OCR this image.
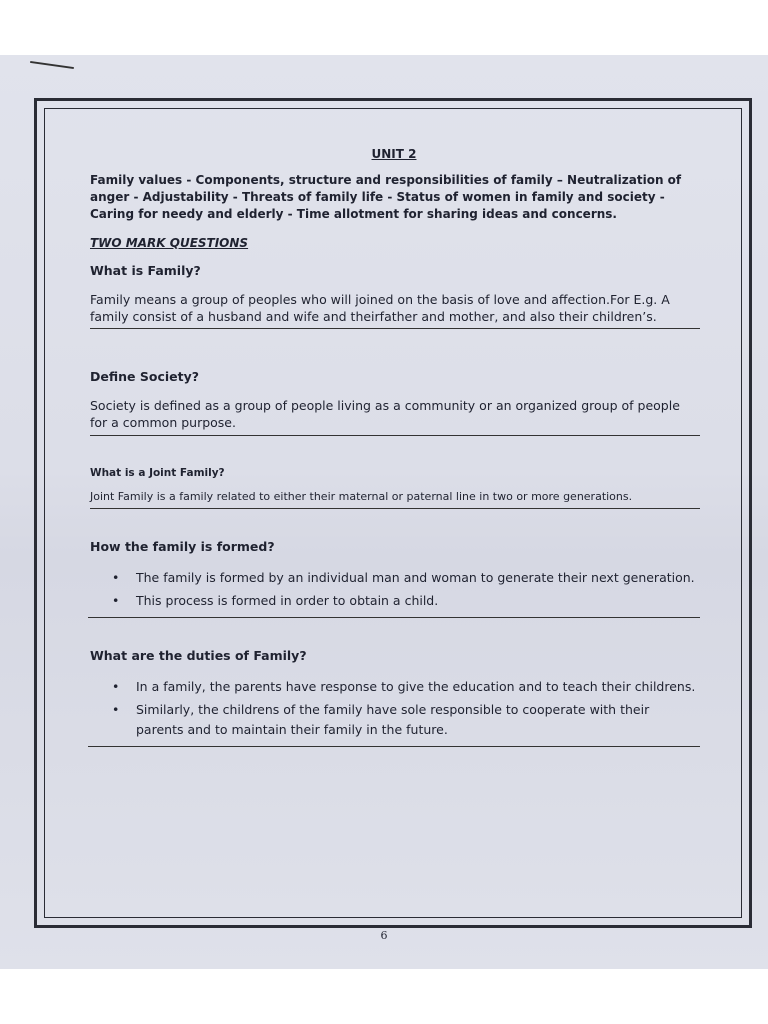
UNIT 2
Family values - Components, structure and responsibilities of family – Neutralization of anger - Adjustability - Threats of family life - Status of women in family and society - Caring for needy and elderly - Time allotment for sharing ideas and concerns.
TWO MARK QUESTIONS
What is Family?
Family means a group of peoples who will joined on the basis of love and affection.For E.g. A family consist of a husband and wife and theirfather and mother, and also their children’s.
Define Society?
Society is defined as a group of people living as a community or an organized group of people for a common purpose.
What is a Joint Family?
Joint Family is a family related to either their maternal or paternal line in two or more generations.
How the family is formed?
• The family is formed by an individual man and woman to generate their next generation.
• This process is formed in order to obtain a child.
What are the duties of Family?
• In a family, the parents have response to give the education and to teach their childrens.
• Similarly, the childrens of the family have sole responsible to cooperate with their parents and to maintain their family in the future.
6
